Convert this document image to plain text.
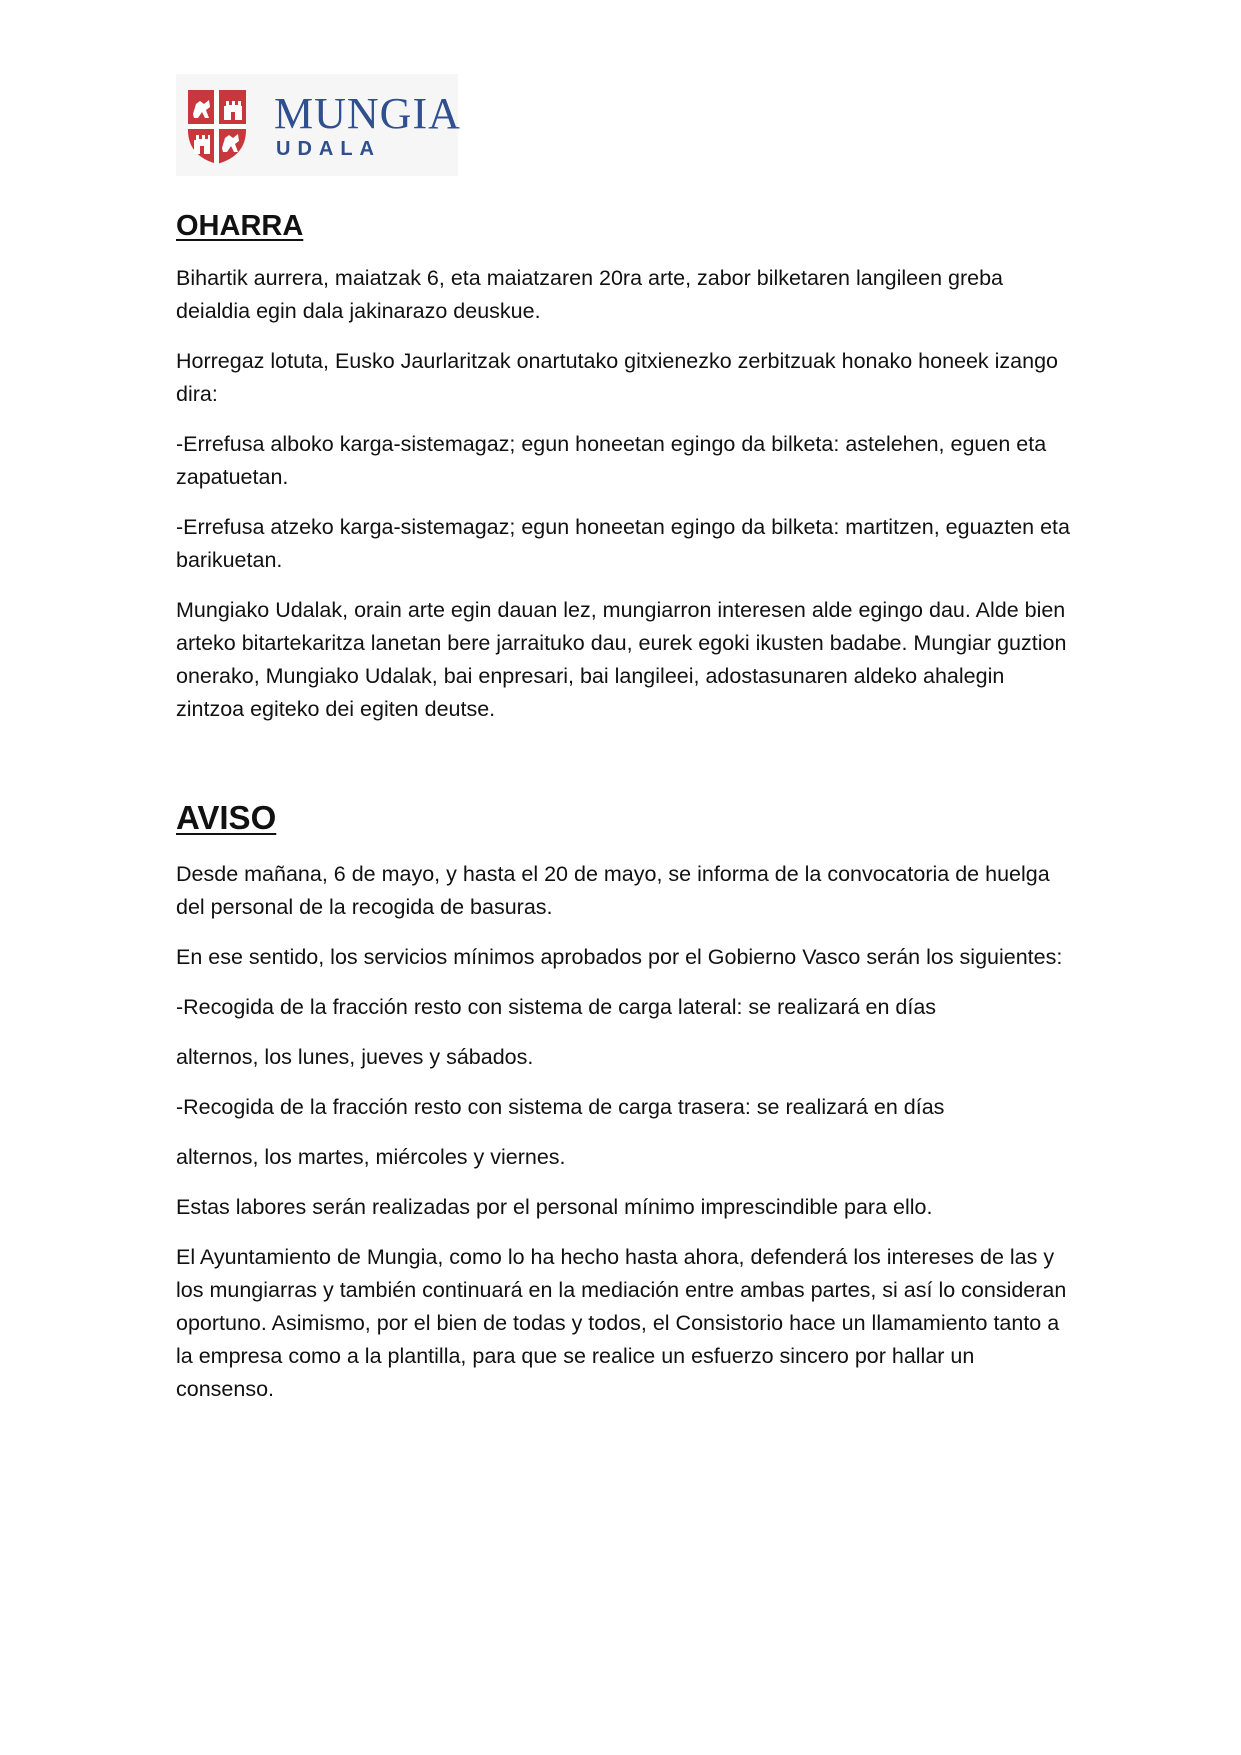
MUNGIA
UDALA
OHARRA

Bihartik aurrera, maiatzak 6, eta maiatzaren 20ra arte, zabor bilketaren langileen greba deialdia egin dala jakinarazo deuskue.

Horregaz lotuta, Eusko Jaurlaritzak onartutako gitxienezko zerbitzuak honako honeek izango dira:

-Errefusa alboko karga-sistemagaz; egun honeetan egingo da bilketa: astelehen, eguen eta zapatuetan.

-Errefusa atzeko karga-sistemagaz; egun honeetan egingo da bilketa: martitzen, eguazten eta barikuetan.

Mungiako Udalak, orain arte egin dauan lez, mungiarron interesen alde egingo dau. Alde bien arteko bitartekaritza lanetan bere jarraituko dau, eurek egoki ikusten badabe. Mungiar guztion onerako, Mungiako Udalak, bai enpresari, bai langileei, adostasunaren aldeko ahalegin zintzoa egiteko dei egiten deutse.

AVISO

Desde mañana, 6 de mayo, y hasta el 20 de mayo, se informa de la convocatoria de huelga del personal de la recogida de basuras.

En ese sentido, los servicios mínimos aprobados por el Gobierno Vasco serán los siguientes:

-Recogida de la fracción resto con sistema de carga lateral: se realizará en días

alternos, los lunes, jueves y sábados.

-Recogida de la fracción resto con sistema de carga trasera: se realizará en días

alternos, los martes, miércoles y viernes.

Estas labores serán realizadas por el personal mínimo imprescindible para ello.

El Ayuntamiento de Mungia, como lo ha hecho hasta ahora, defenderá los intereses de las y los mungiarras y también continuará en la mediación entre ambas partes, si así lo consideran oportuno. Asimismo, por el bien de todas y todos, el Consistorio hace un llamamiento tanto a la empresa como a la plantilla, para que se realice un esfuerzo sincero por hallar un consenso.
